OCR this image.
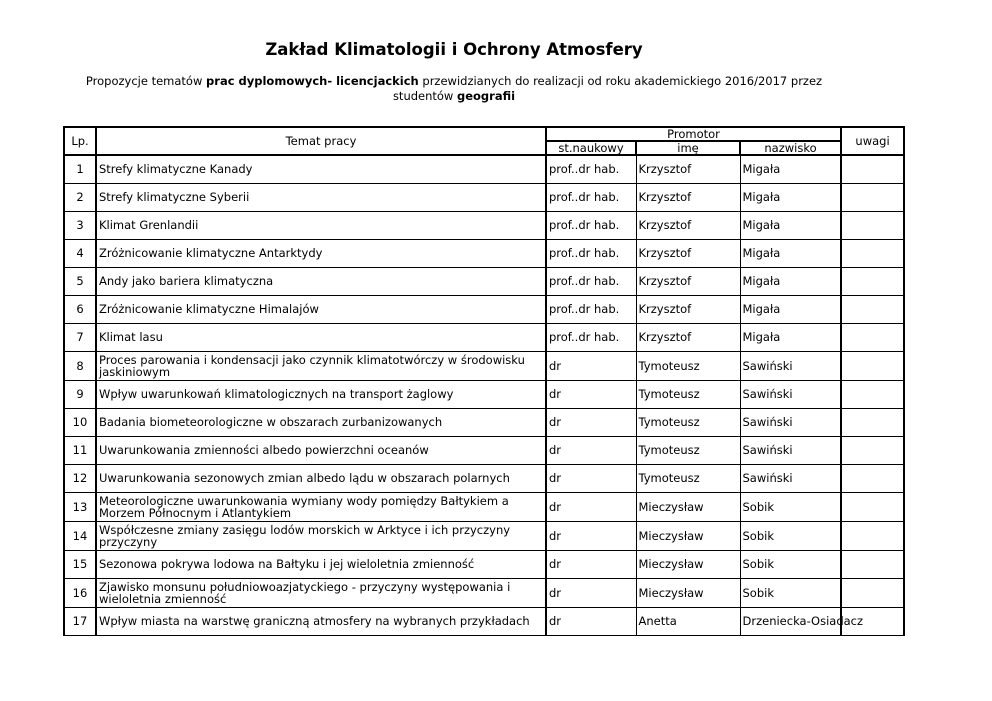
Zakład Klimatologii i Ochrony Atmosfery
Propozycje tematów prac dyplomowych- licencjackich przewidzianych do realizacji od roku akademickiego 2016/2017 przez
studentów geografii
Lp.	Temat pracy	Promotor			uwagi
		st.naukowy	imę	nazwisko	
1	Strefy klimatyczne Kanady	prof..dr hab.	Krzysztof	Migała	
2	Strefy klimatyczne Syberii	prof..dr hab.	Krzysztof	Migała	
3	Klimat Grenlandii	prof..dr hab.	Krzysztof	Migała	
4	Zróżnicowanie klimatyczne Antarktydy	prof..dr hab.	Krzysztof	Migała	
5	Andy jako bariera klimatyczna	prof..dr hab.	Krzysztof	Migała	
6	Zróżnicowanie klimatyczne Himalajów	prof..dr hab.	Krzysztof	Migała	
7	Klimat lasu	prof..dr hab.	Krzysztof	Migała	
8	Proces parowania i kondensacji jako czynnik klimatotwórczy w środowisku jaskiniowym	dr	Tymoteusz	Sawiński	
9	Wpływ uwarunkowań klimatologicznych na transport żaglowy	dr	Tymoteusz	Sawiński	
10	Badania biometeorologiczne w obszarach zurbanizowanych	dr	Tymoteusz	Sawiński	
11	Uwarunkowania zmienności albedo powierzchni oceanów	dr	Tymoteusz	Sawiński	
12	Uwarunkowania sezonowych zmian albedo lądu w obszarach polarnych	dr	Tymoteusz	Sawiński	
13	Meteorologiczne uwarunkowania wymiany wody pomiędzy Bałtykiem a Morzem Północnym i Atlantykiem	dr	Mieczysław	Sobik	
14	Współczesne zmiany zasięgu lodów morskich w Arktyce i ich przyczyny przyczyny	dr	Mieczysław	Sobik	
15	Sezonowa pokrywa lodowa na Bałtyku i jej wieloletnia zmienność	dr	Mieczysław	Sobik	
16	Zjawisko monsunu południowoazjatyckiego - przyczyny występowania i wieloletnia zmienność	dr	Mieczysław	Sobik	
17	Wpływ miasta na warstwę graniczną atmosfery na wybranych przykładach	dr	Anetta	Drzeniecka-Osiadacz	
